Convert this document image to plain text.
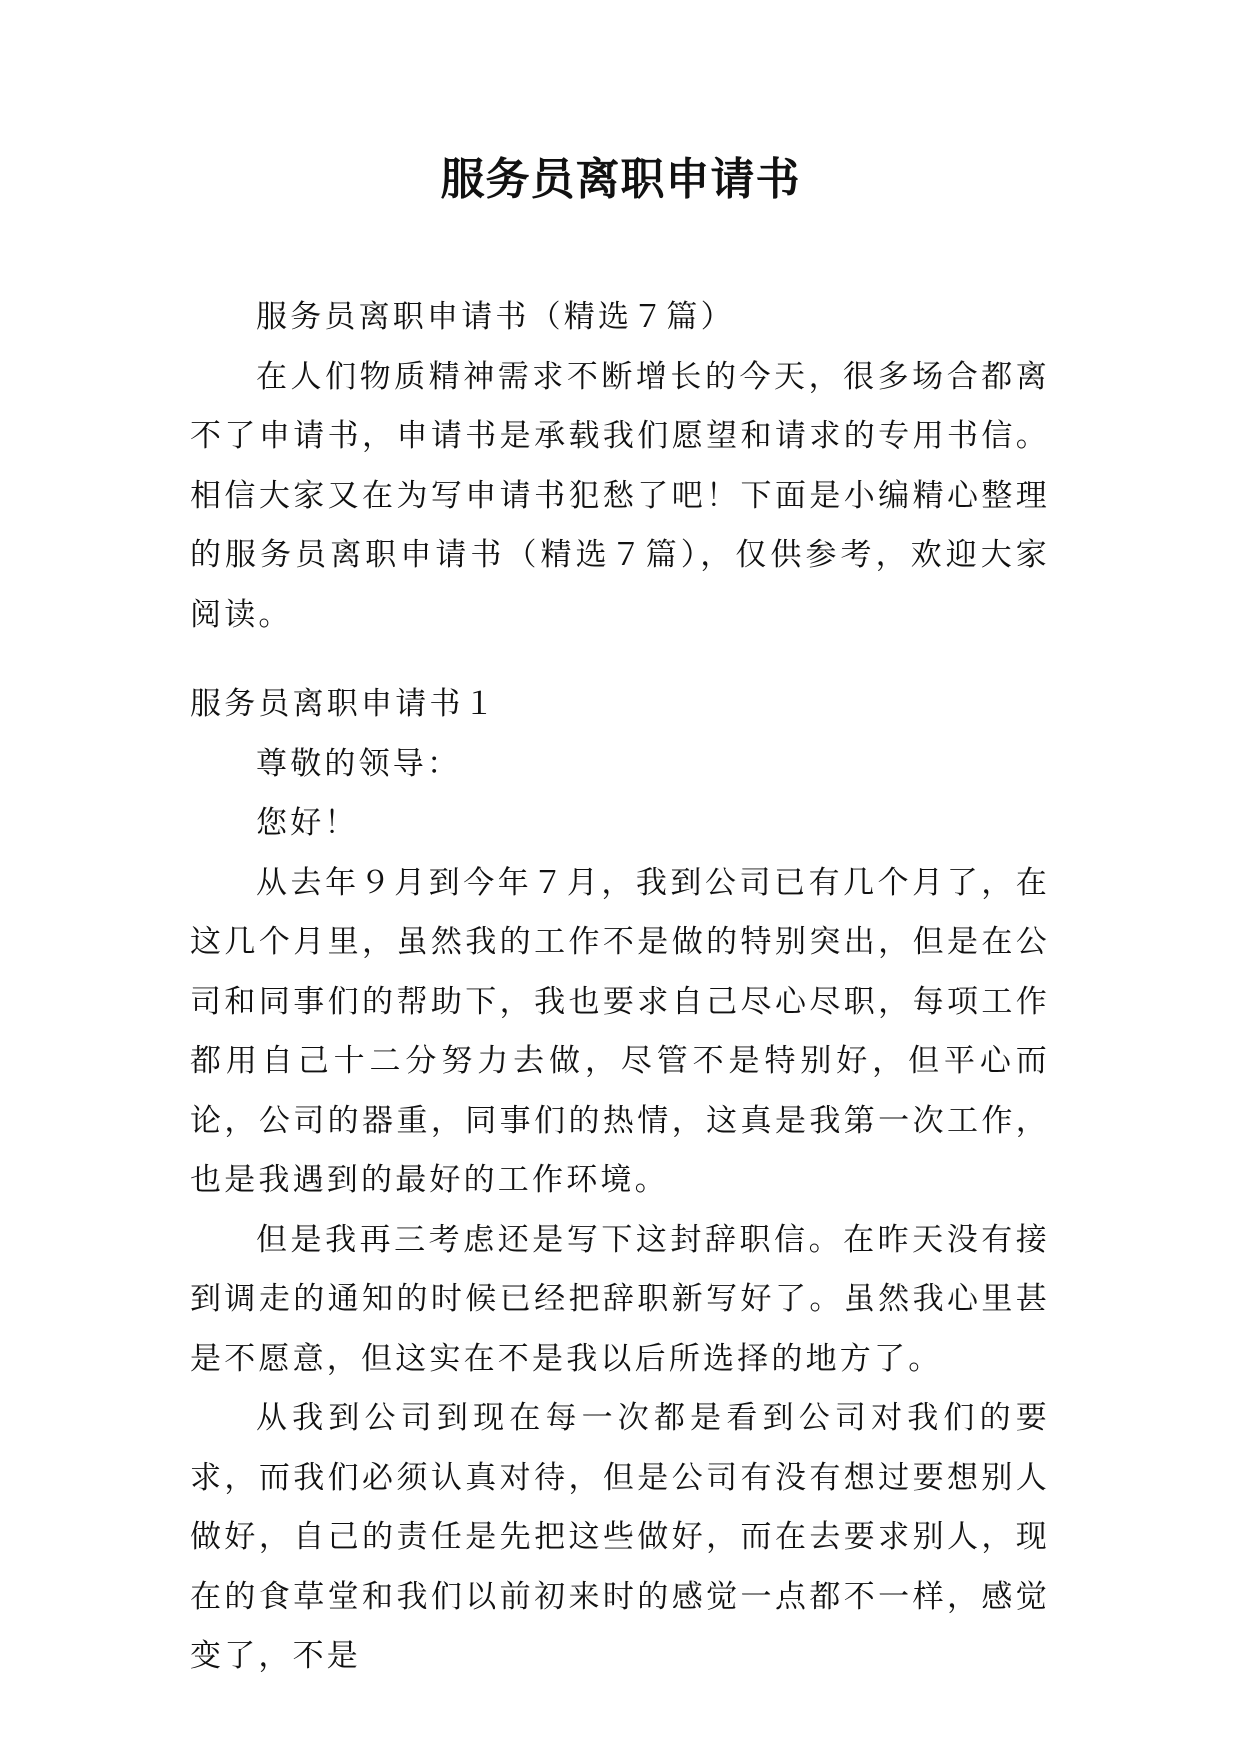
服务员离职申请书

服务员离职申请书（精选７篇）

在人们物质精神需求不断增长的今天，很多场合都离不了申请书，申请书是承载我们愿望和请求的专用书信。相信大家又在为写申请书犯愁了吧！下面是小编精心整理的服务员离职申请书（精选７篇），仅供参考，欢迎大家阅读。

服务员离职申请书１

尊敬的领导：

您好！

从去年９月到今年７月，我到公司已有几个月了，在这几个月里，虽然我的工作不是做的特别突出，但是在公司和同事们的帮助下，我也要求自己尽心尽职，每项工作都用自己十二分努力去做，尽管不是特别好，但平心而论，公司的器重，同事们的热情，这真是我第一次工作，也是我遇到的最好的工作环境。

但是我再三考虑还是写下这封辞职信。在昨天没有接到调走的通知的时候已经把辞职新写好了。虽然我心里甚是不愿意，但这实在不是我以后所选择的地方了。

从我到公司到现在每一次都是看到公司对我们的要求，而我们必须认真对待，但是公司有没有想过要想别人做好，自己的责任是先把这些做好，而在去要求别人，现在的食草堂和我们以前初来时的感觉一点都不一样，感觉变了，不是
